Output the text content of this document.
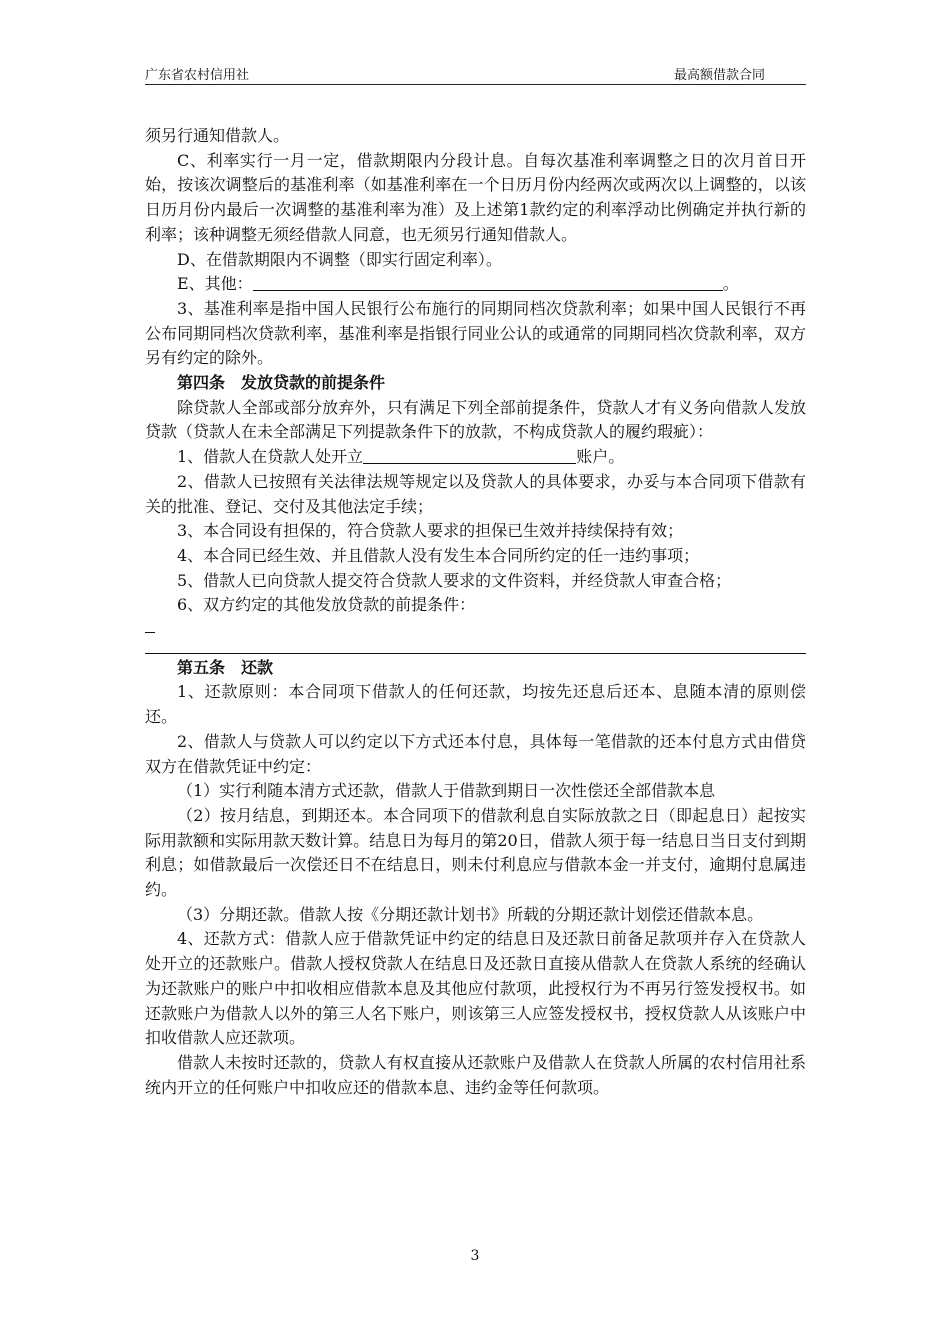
广东省农村信用社	最高额借款合同

须另行通知借款人。

C、利率实行一月一定，借款期限内分段计息。自每次基准利率调整之日的次月首日开始，按该次调整后的基准利率（如基准利率在一个日历月份内经两次或两次以上调整的，以该日历月份内最后一次调整的基准利率为准）及上述第1款约定的利率浮动比例确定并执行新的利率；该种调整无须经借款人同意，也无须另行通知借款人。

D、在借款期限内不调整（即实行固定利率）。

E、其他：	。

3、基准利率是指中国人民银行公布施行的同期同档次贷款利率；如果中国人民银行不再公布同期同档次贷款利率，基准利率是指银行同业公认的或通常的同期同档次贷款利率，双方另有约定的除外。

第四条　发放贷款的前提条件

除贷款人全部或部分放弃外，只有满足下列全部前提条件，贷款人才有义务向借款人发放贷款（贷款人在未全部满足下列提款条件下的放款，不构成贷款人的履约瑕疵）：

1、借款人在贷款人处开立	账户。

2、借款人已按照有关法律法规等规定以及贷款人的具体要求，办妥与本合同项下借款有关的批准、登记、交付及其他法定手续；

3、本合同设有担保的，符合贷款人要求的担保已生效并持续保持有效；

4、本合同已经生效、并且借款人没有发生本合同所约定的任一违约事项；

5、借款人已向贷款人提交符合贷款人要求的文件资料，并经贷款人审查合格；

6、双方约定的其他发放贷款的前提条件：

第五条　还款

1、还款原则：本合同项下借款人的任何还款，均按先还息后还本、息随本清的原则偿还。

2、借款人与贷款人可以约定以下方式还本付息，具体每一笔借款的还本付息方式由借贷双方在借款凭证中约定：

（1）实行利随本清方式还款，借款人于借款到期日一次性偿还全部借款本息

（2）按月结息，到期还本。本合同项下的借款利息自实际放款之日（即起息日）起按实际用款额和实际用款天数计算。结息日为每月的第20日，借款人须于每一结息日当日支付到期利息；如借款最后一次偿还日不在结息日，则未付利息应与借款本金一并支付，逾期付息属违约。

（3）分期还款。借款人按《分期还款计划书》所载的分期还款计划偿还借款本息。

4、还款方式：借款人应于借款凭证中约定的结息日及还款日前备足款项并存入在贷款人处开立的还款账户。借款人授权贷款人在结息日及还款日直接从借款人在贷款人系统的经确认为还款账户的账户中扣收相应借款本息及其他应付款项，此授权行为不再另行签发授权书。如还款账户为借款人以外的第三人名下账户，则该第三人应签发授权书，授权贷款人从该账户中扣收借款人应还款项。

借款人未按时还款的，贷款人有权直接从还款账户及借款人在贷款人所属的农村信用社系统内开立的任何账户中扣收应还的借款本息、违约金等任何款项。

3
